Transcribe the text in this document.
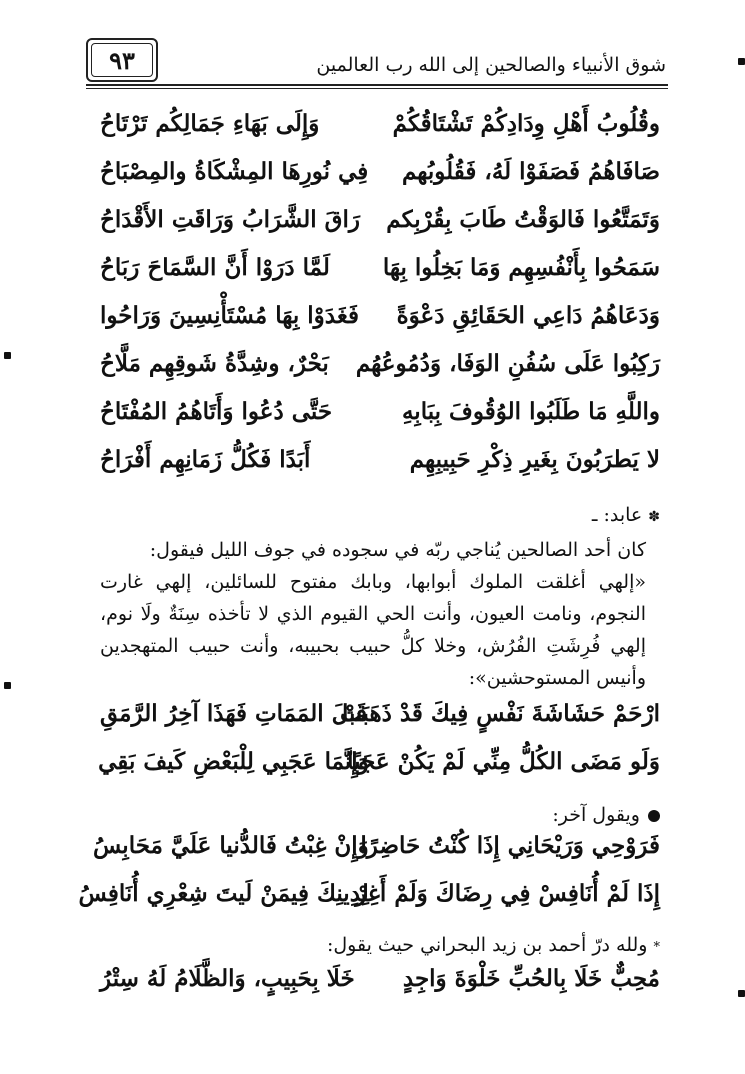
٩٣	شوق الأنبياء والصالحين إلى الله رب العالمين
وقُلُوبُ أَهْلِ وِدَادِكُمْ تَشْتَاقُكُمْ
وَإِلَى بَهَاءِ جَمَالِكُم تَرْتَاحُ
صَافَاهُمُ فَصَفَوْا لَهُ، فَقُلُوبُهم
فِي نُورِهَا المِشْكَاةُ والمِصْبَاحُ
وَتَمَتَّعُوا فَالوَقْتُ طَابَ بِقُرْبِكم
رَاقَ الشَّرَابُ وَرَاقَتِ الأَقْدَاحُ
سَمَحُوا بِأَنْفُسِهِم وَمَا بَخِلُوا بِهَا
لَمَّا دَرَوْا أَنَّ السَّمَاحَ رَبَاحُ
وَدَعَاهُمُ دَاعِي الحَقَائِقِ دَعْوَةً
فَغَدَوْا بِهَا مُسْتَأْنِسِينَ وَرَاحُوا
رَكِبُوا عَلَى سُفُنِ الوَفَا، وَدُمُوعُهُم
بَحْرٌ، وشِدَّةُ شَوقِهِم مَلَّاحُ
واللَّهِ مَا طَلَبُوا الوُقُوفَ بِبَابِهِ
حَتَّى دُعُوا وَأَتَاهُمُ المُفْتَاحُ
لا يَطرَبُونَ بِغَيرِ ذِكْرِ حَبِيبِهِم
أَبَدًا فَكُلُّ زَمَانِهِم أَفْرَاحُ
✽عابد: ـ

كان أحد الصالحين يُناجي ربّه في سجوده في جوف الليل فيقول:

«إلهي أغلقت الملوك أبوابها، وبابك مفتوح للسائلين، إلهي غارت النجوم، ونامت العيون، وأنت الحي القيوم الذي لا تأخذه سِنَةٌ ولَا نوم، إلهي فُرِشَتِ الفُرُش، وخلا كلُّ حبيب بحبيبه، وأنت حبيب المتهجدين وأنيس المستوحشين»:

ارْحَمْ حَشَاشَةَ نَفْسٍ فِيكَ قَدْ ذَهَبَتْ
قَبلَ المَمَاتِ فَهَذَا آخِرُ الرَّمَقِ
وَلَو مَضَى الكُلُّ مِنِّي لَمْ يَكُنْ عَجَبًا
وَإِنَّمَا عَجَبِي لِلْبَعْضِ كَيفَ بَقِي
ويقول آخر:
فَرَوْحِي وَرَيْحَانِي إِذَا كُنْتُ حَاضِرًا
وَإِنْ غِبْتُ فَالدُّنيا عَلَيَّ مَحَابِسُ
إِذَا لَمْ أُنَافِسْ فِي رِضَاكَ وَلَمْ أَغِرْ
لِدِينِكَ فِيمَنْ لَيتَ شِعْرِي أُنَافِسُ
*ولله درّ أحمد بن زيد البحراني حيث يقول:
مُحِبٌّ خَلَا بِالحُبِّ خَلْوَةَ وَاجِدٍ
خَلَا بِحَبِيبٍ، وَالظَّلَامُ لَهُ سِتْرُ
